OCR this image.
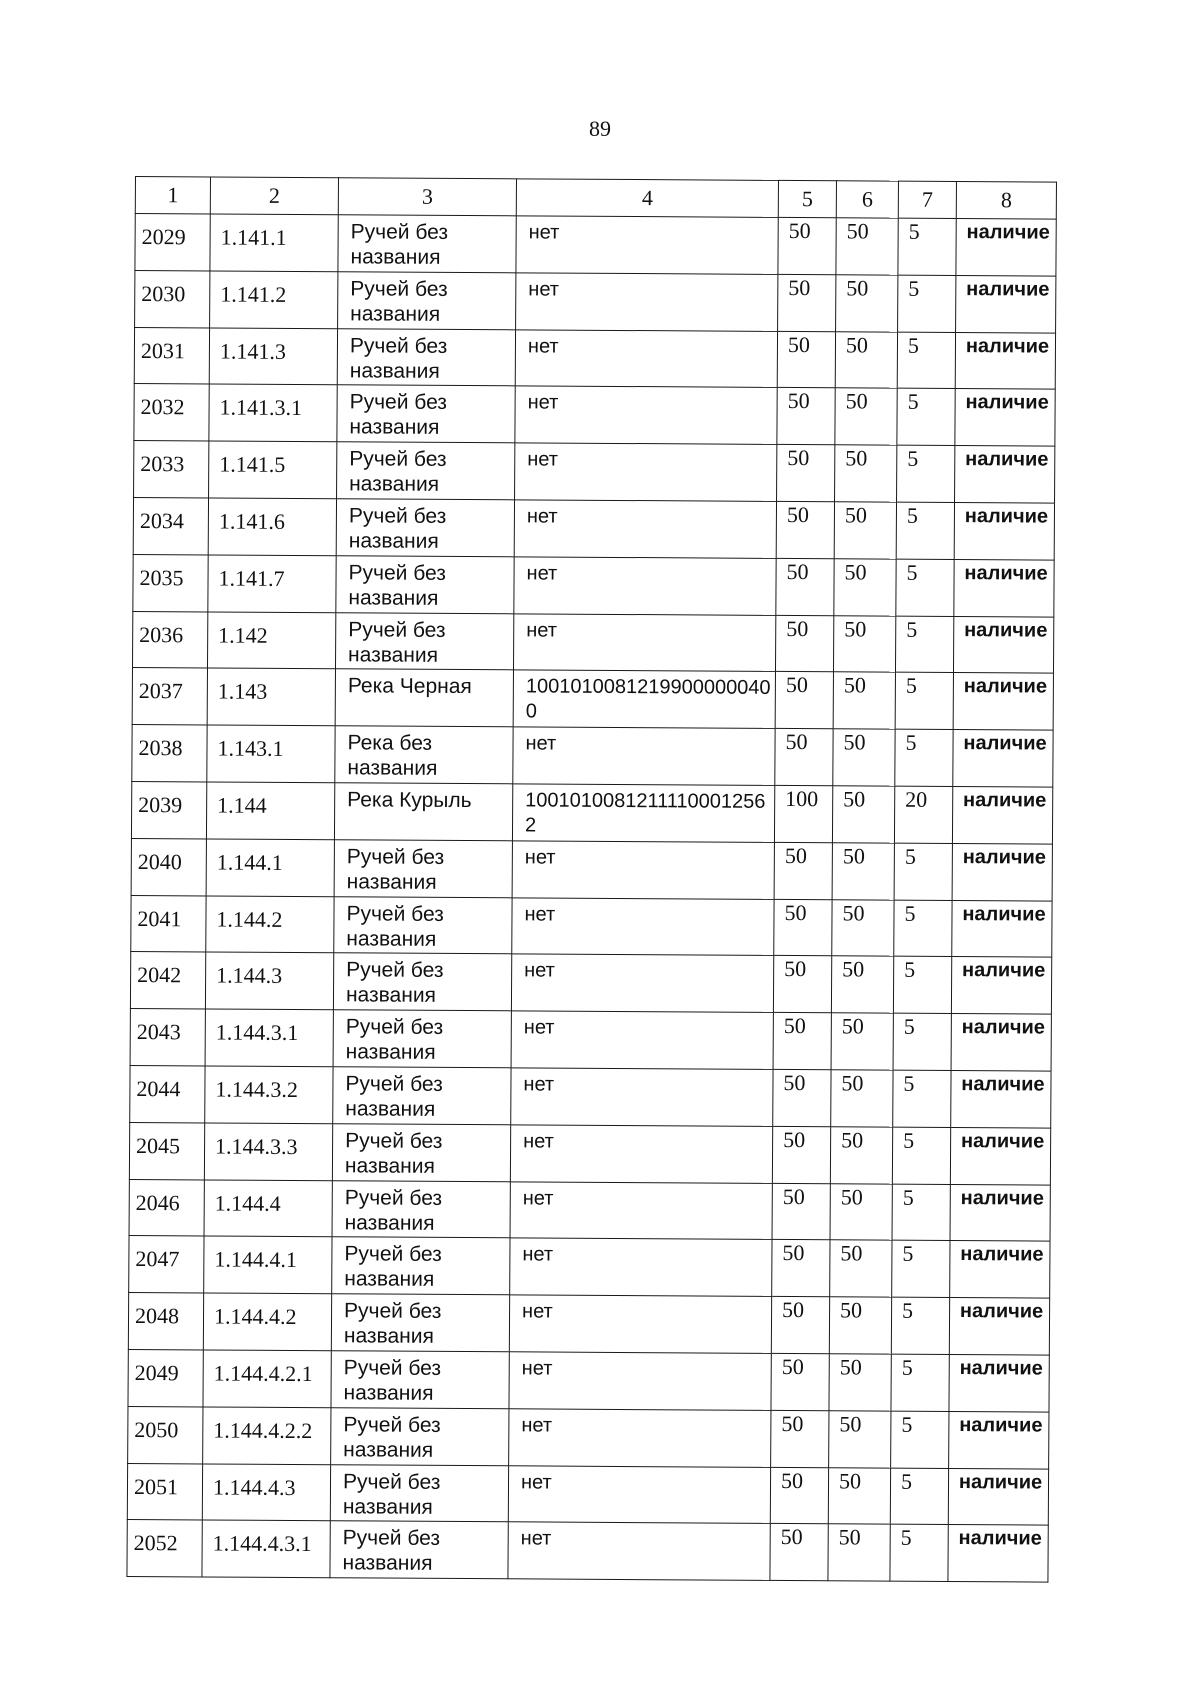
89
1	2	3	4	5	6	7	8
2029	1.141.1	Ручей без названия	нет	50	50	5	наличие
2030	1.141.2	Ручей без названия	нет	50	50	5	наличие
2031	1.141.3	Ручей без названия	нет	50	50	5	наличие
2032	1.141.3.1	Ручей без названия	нет	50	50	5	наличие
2033	1.141.5	Ручей без названия	нет	50	50	5	наличие
2034	1.141.6	Ручей без названия	нет	50	50	5	наличие
2035	1.141.7	Ручей без названия	нет	50	50	5	наличие
2036	1.142	Ручей без названия	нет	50	50	5	наличие
2037	1.143	Река Черная	10010100812199000000400	50	50	5	наличие
2038	1.143.1	Река без названия	нет	50	50	5	наличие
2039	1.144	Река Курыль	10010100812111100012562	100	50	20	наличие
2040	1.144.1	Ручей без названия	нет	50	50	5	наличие
2041	1.144.2	Ручей без названия	нет	50	50	5	наличие
2042	1.144.3	Ручей без названия	нет	50	50	5	наличие
2043	1.144.3.1	Ручей без названия	нет	50	50	5	наличие
2044	1.144.3.2	Ручей без названия	нет	50	50	5	наличие
2045	1.144.3.3	Ручей без названия	нет	50	50	5	наличие
2046	1.144.4	Ручей без названия	нет	50	50	5	наличие
2047	1.144.4.1	Ручей без названия	нет	50	50	5	наличие
2048	1.144.4.2	Ручей без названия	нет	50	50	5	наличие
2049	1.144.4.2.1	Ручей без названия	нет	50	50	5	наличие
2050	1.144.4.2.2	Ручей без названия	нет	50	50	5	наличие
2051	1.144.4.3	Ручей без названия	нет	50	50	5	наличие
2052	1.144.4.3.1	Ручей без названия	нет	50	50	5	наличие
